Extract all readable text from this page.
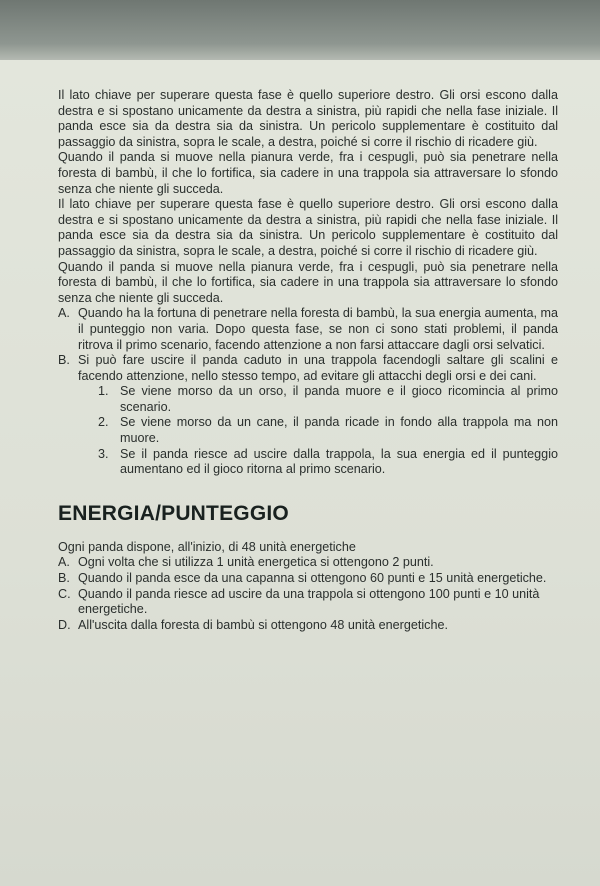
Il lato chiave per superare questa fase è quello superiore destro. Gli orsi escono dalla destra e si spostano unicamente da destra a sinistra, più rapidi che nella fase iniziale. Il panda esce sia da destra sia da sinistra. Un pericolo supplementare è costituito dal passaggio da sinistra, sopra le scale, a destra, poiché si corre il rischio di ricadere giù.

Quando il panda si muove nella pianura verde, fra i cespugli, può sia penetrare nella foresta di bambù, il che lo fortifica, sia cadere in una trappola sia attraversare lo sfondo senza che niente gli succeda.

Il lato chiave per superare questa fase è quello superiore destro. Gli orsi escono dalla destra e si spostano unicamente da destra a sinistra, più rapidi che nella fase iniziale. Il panda esce sia da destra sia da sinistra. Un pericolo supplementare è costituito dal passaggio da sinistra, sopra le scale, a destra, poiché si corre il rischio di ricadere giù.

Quando il panda si muove nella pianura verde, fra i cespugli, può sia penetrare nella foresta di bambù, il che lo fortifica, sia cadere in una trappola sia attraversare lo sfondo senza che niente gli succeda.

A. Quando ha la fortuna di penetrare nella foresta di bambù, la sua energia aumenta, ma il punteggio non varia. Dopo questa fase, se non ci sono stati problemi, il panda ritrova il primo scenario, facendo attenzione a non farsi attaccare dagli orsi selvatici.
B. Si può fare uscire il panda caduto in una trappola facendogli saltare gli scalini e facendo attenzione, nello stesso tempo, ad evitare gli attacchi degli orsi e dei cani.
1. Se viene morso da un orso, il panda muore e il gioco ricomincia al primo scenario.
2. Se viene morso da un cane, il panda ricade in fondo alla trappola ma non muore.
3. Se il panda riesce ad uscire dalla trappola, la sua energia ed il punteggio aumentano ed il gioco ritorna al primo scenario.
ENERGIA/PUNTEGGIO

Ogni panda dispone, all'inizio, di 48 unità energetiche

A. Ogni volta che si utilizza 1 unità energetica si ottengono 2 punti.
B. Quando il panda esce da una capanna si ottengono 60 punti e 15 unità energetiche.
C. Quando il panda riesce ad uscire da una trappola si ottengono 100 punti e 10 unità energetiche.
D. All'uscita dalla foresta di bambù si ottengono 48 unità energetiche.
